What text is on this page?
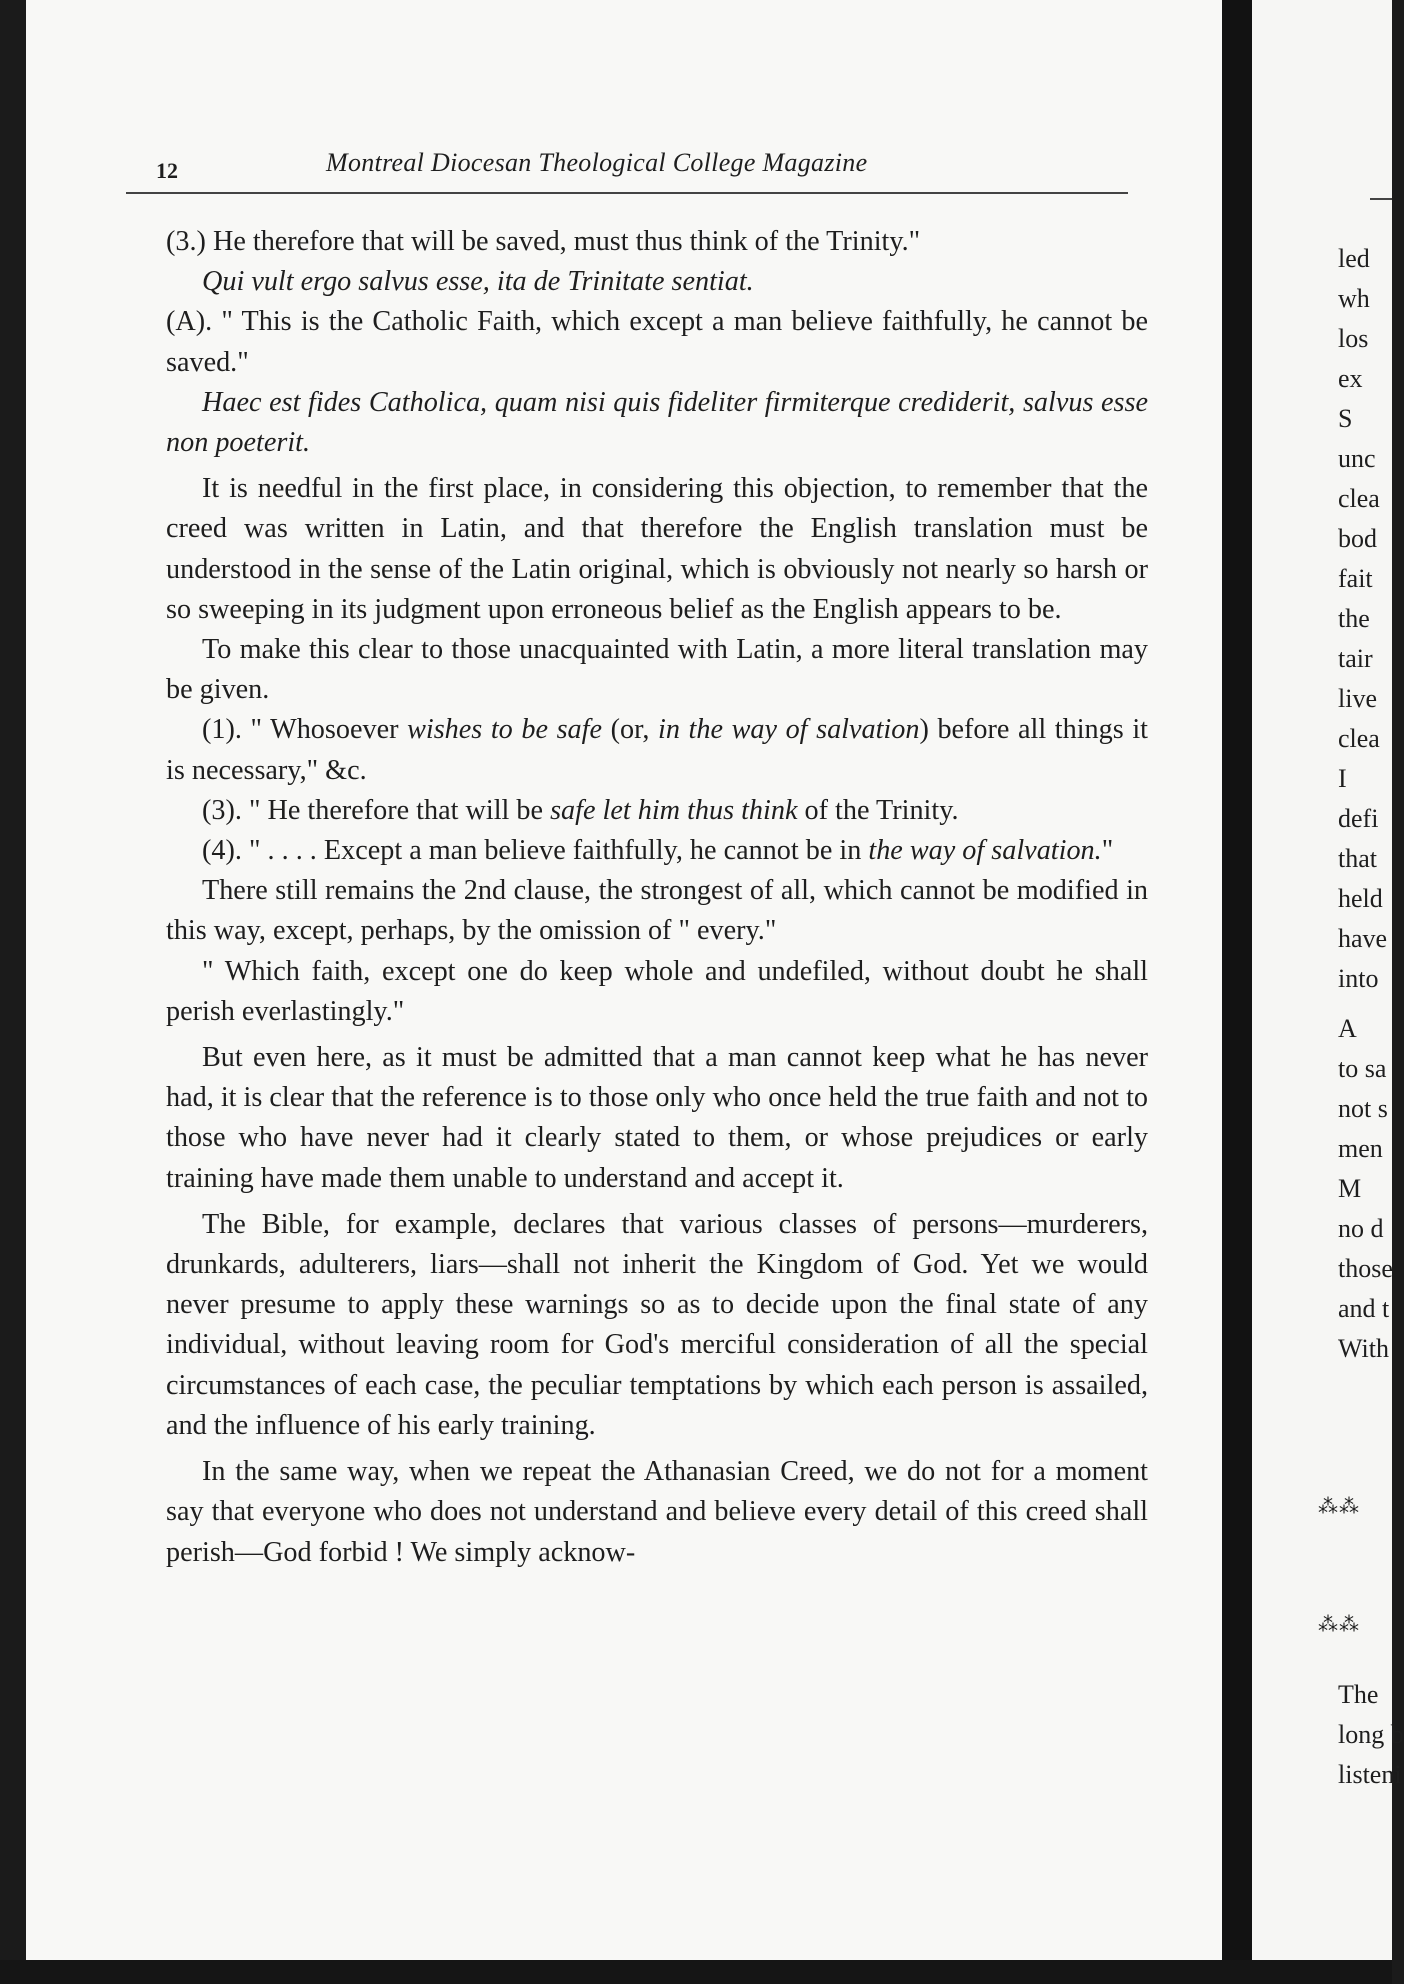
12	Montreal Diocesan Theological College Magazine

(3.) He therefore that will be saved, must thus think of the Trinity."

Qui vult ergo salvus esse, ita de Trinitate sentiat.

(A). " This is the Catholic Faith, which except a man believe faithfully, he cannot be saved."

Haec est fides Catholica, quam nisi quis fideliter firmiterque crediderit, salvus esse non poeterit.

It is needful in the first place, in considering this objection, to remember that the creed was written in Latin, and that therefore the English translation must be understood in the sense of the Latin original, which is obviously not nearly so harsh or so sweeping in its judgment upon erroneous belief as the English appears to be.

To make this clear to those unacquainted with Latin, a more literal translation may be given.

(1). " Whosoever wishes to be safe (or, in the way of salvation) before all things it is necessary," &c.

(3). " He therefore that will be safe let him thus think of the Trinity.

(4). " . . . . Except a man believe faithfully, he cannot be in the way of salvation."

There still remains the 2nd clause, the strongest of all, which cannot be modified in this way, except, perhaps, by the omission of " every."

" Which faith, except one do keep whole and undefiled, without doubt he shall perish everlastingly."

But even here, as it must be admitted that a man cannot keep what he has never had, it is clear that the reference is to those only who once held the true faith and not to those who have never had it clearly stated to them, or whose prejudices or early training have made them unable to understand and accept it.

The Bible, for example, declares that various classes of persons—murderers, drunkards, adulterers, liars—shall not inherit the Kingdom of God. Yet we would never presume to apply these warnings so as to decide upon the final state of any individual, without leaving room for God's merciful consideration of all the special circumstances of each case, the peculiar temptations by which each person is assailed, and the influence of his early training.

In the same way, when we repeat the Athanasian Creed, we do not for a moment say that everyone who does not understand and believe every detail of this creed shall perish—God forbid ! We simply acknow-

led
wh
los
ex
S
unc
clea
bod
fait
the
tair
live
clea
I
defi
that
held
have
into
A
to sa
not s
men
M
no d
those
and t
With
The
long b
listeni
⁂⁂
⁂⁂
